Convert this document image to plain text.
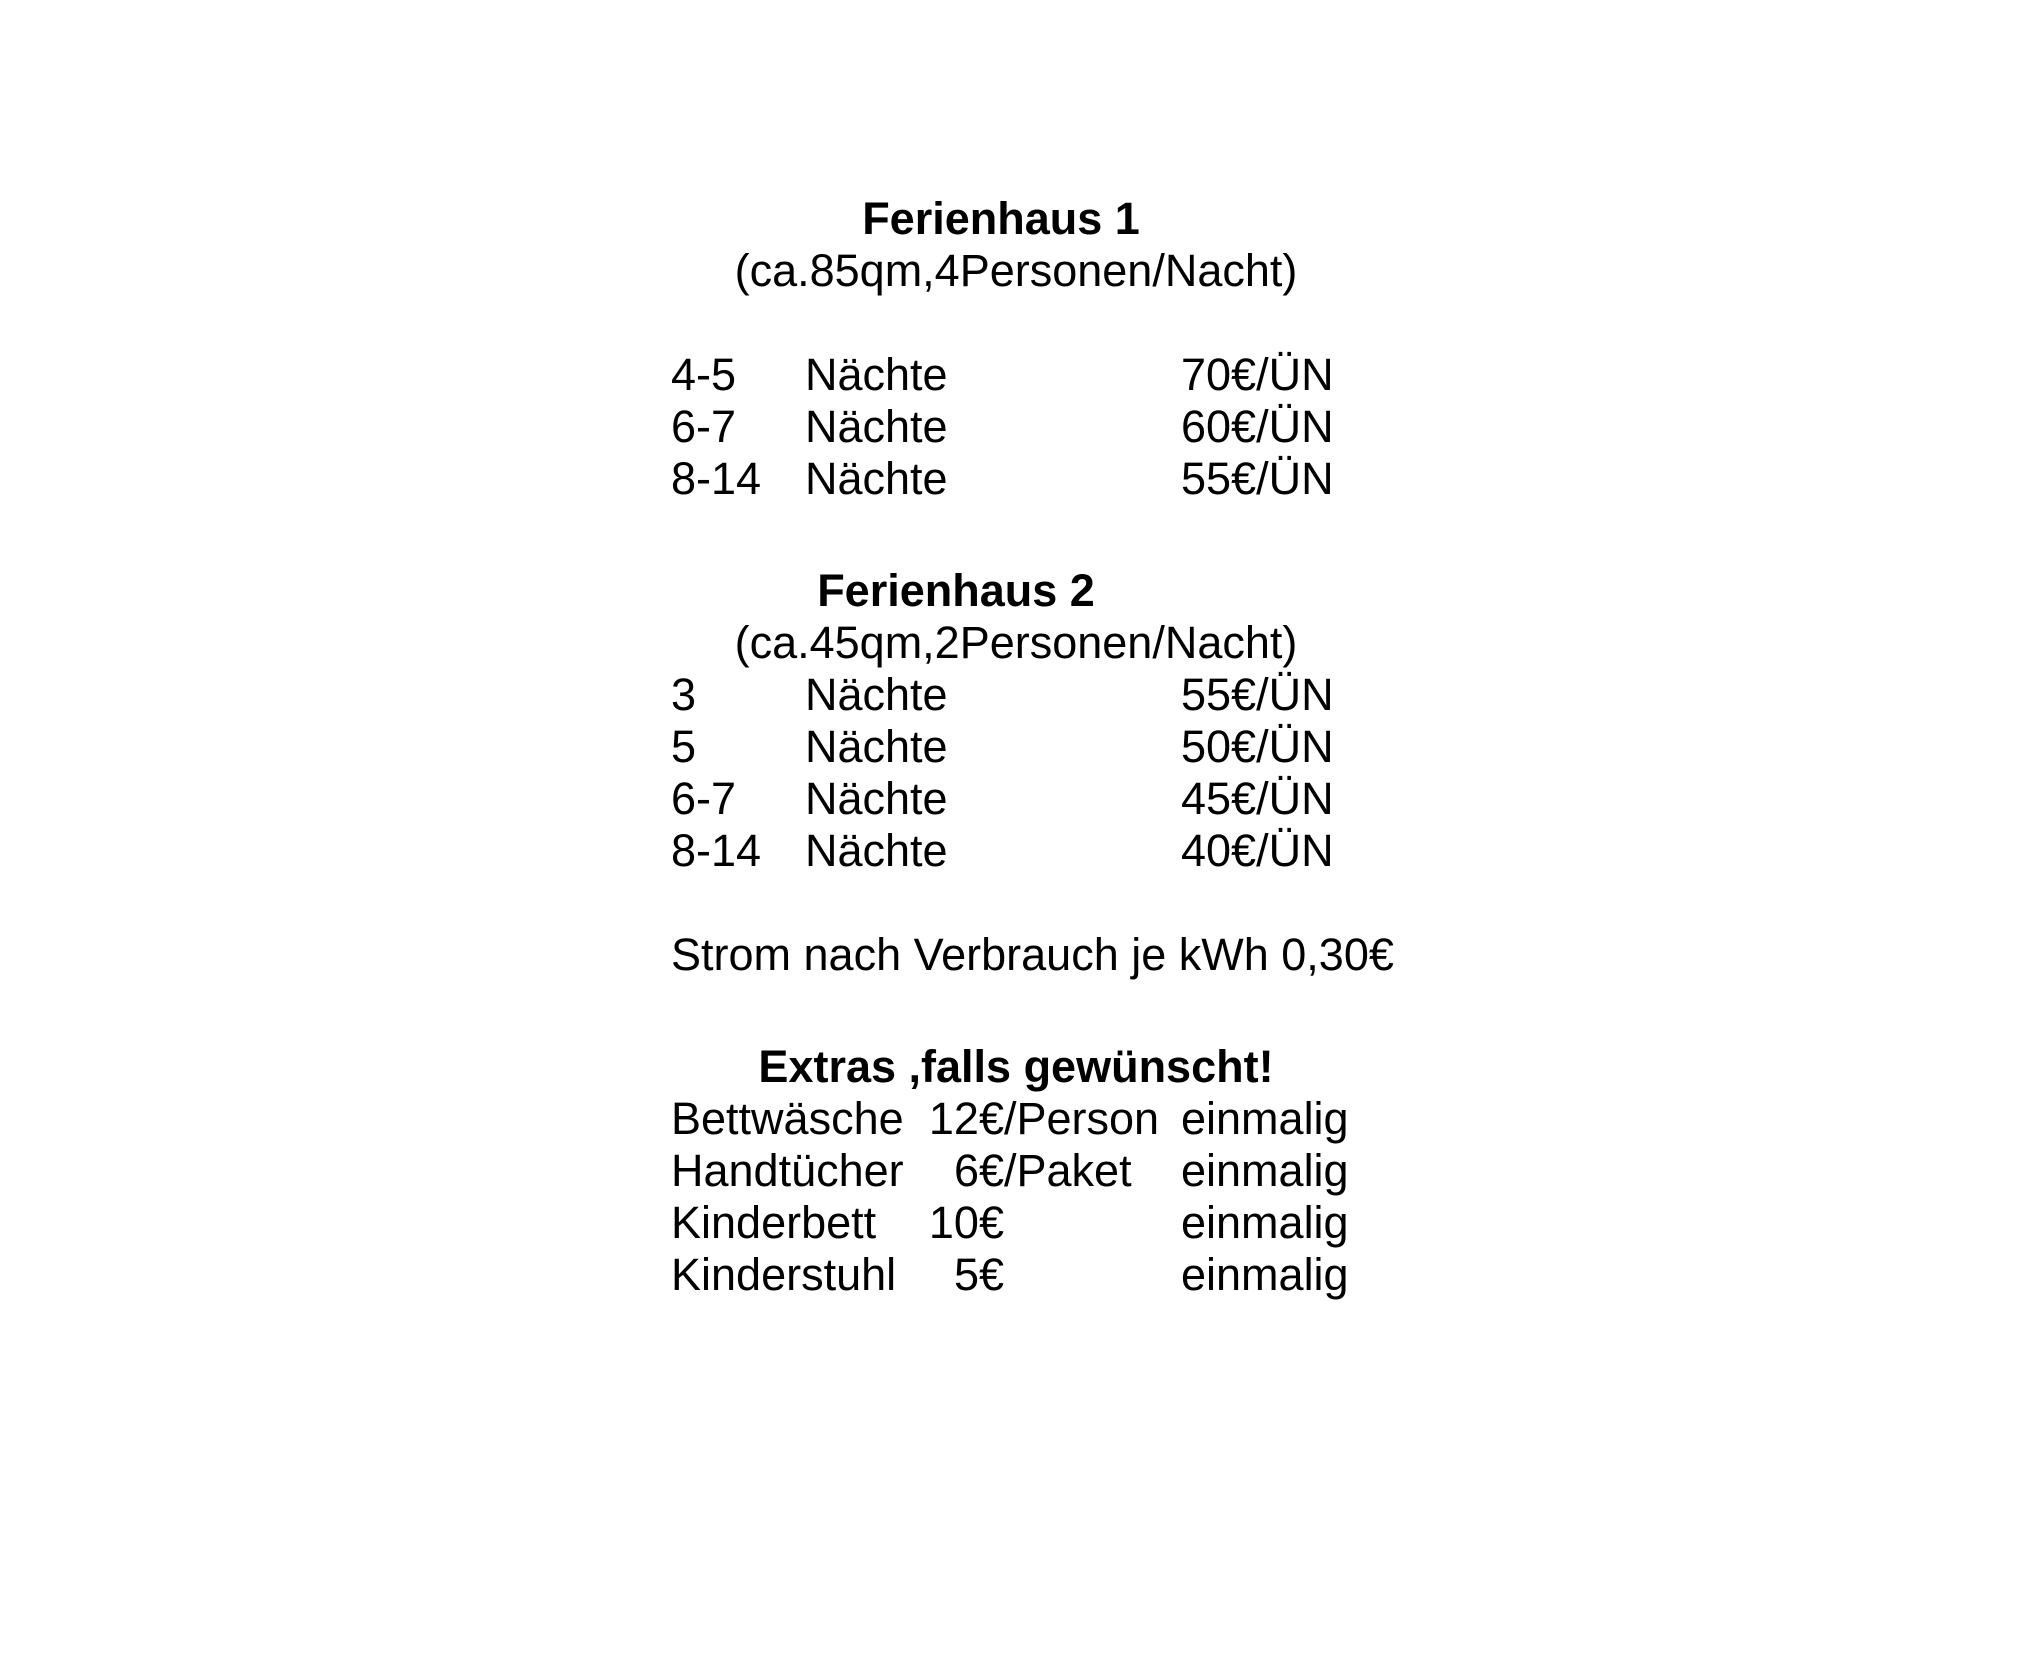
Ferienhaus 1
(ca.85qm,4Personen/Nacht)
4-5	Nächte	70€/ÜN
6-7	Nächte	60€/ÜN
8-14 Nächte	55€/ÜN
Ferienhaus 2
(ca.45qm,2Personen/Nacht)
3	Nächte	55€/ÜN
5	Nächte	50€/ÜN
6-7	Nächte	45€/ÜN
8-14 Nächte	40€/ÜN
Strom nach Verbrauch je kWh 0,30€
Extras ,falls gewünscht!
Bettwäsche 12€/Person einmalig
Handtücher	6€/Paket	einmalig
Kinderbett	10€	einmalig
Kinderstuhl	5€	einmalig
